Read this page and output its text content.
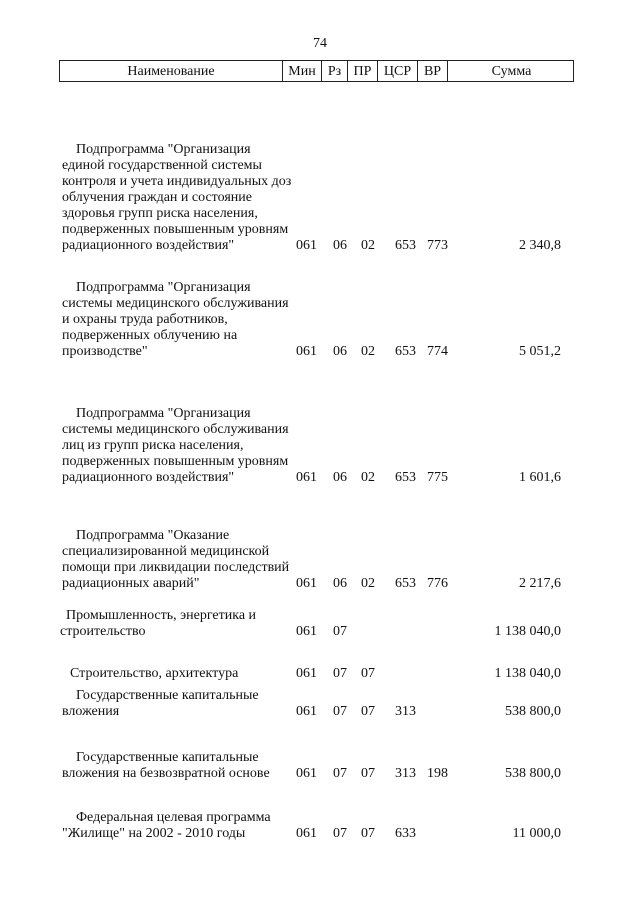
74
Наименование	Мин Рз ПР ЦСР ВР	Сумма
Подпрограмма "Организация единой государственной системы контроля и учета индивидуальных доз облучения граждан и состояние здоровья групп риска населения, подверженных повышенным уровням радиационного воздействия"	061 06 02 653 773	2 340,8
Подпрограмма "Организация системы медицинского обслуживания и охраны труда работников, подверженных облучению на производстве"	061 06 02 653 774	5 051,2
Подпрограмма "Организация системы медицинского обслуживания лиц из групп риска населения, подверженных повышенным уровням радиационного воздействия"	061 06 02 653 775	1 601,6
Подпрограмма "Оказание специализированной медицинской помощи при ликвидации последствий радиационных аварий"	061 06 02 653 776	2 217,6
Промышленность, энергетика и строительство	061 07	1 138 040,0
Строительство, архитектура	061 07 07	1 138 040,0
Государственные капитальные вложения	061 07 07 313	538 800,0
Государственные капитальные вложения на безвозвратной основе	061 07 07 313 198	538 800,0
Федеральная целевая программа "Жилище" на 2002 - 2010 годы	061 07 07 633	11 000,0
